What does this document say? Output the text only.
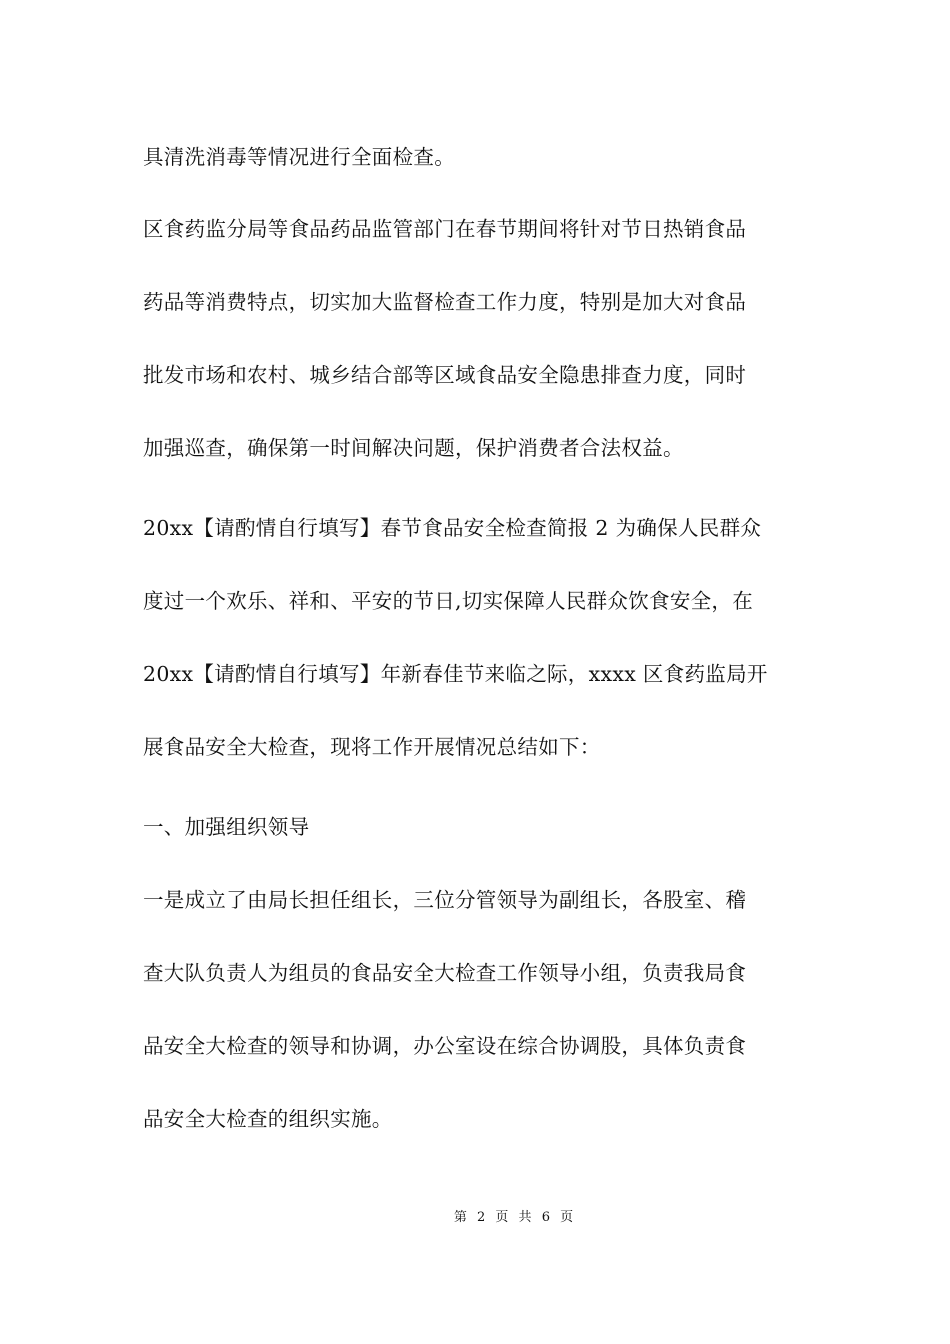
具清洗消毒等情况进行全面检查。
区食药监分局等食品药品监管部门在春节期间将针对节日热销食品
药品等消费特点，切实加大监督检查工作力度，特别是加大对食品
批发市场和农村、城乡结合部等区域食品安全隐患排查力度，同时
加强巡查，确保第一时间解决问题，保护消费者合法权益。
20xx【请酌情自行填写】春节食品安全检查简报 2 为确保人民群众
度过一个欢乐、祥和、平安的节日,切实保障人民群众饮食安全，在
20xx【请酌情自行填写】年新春佳节来临之际，xxxx 区食药监局开
展食品安全大检查，现将工作开展情况总结如下：
一、加强组织领导
一是成立了由局长担任组长，三位分管领导为副组长，各股室、稽
查大队负责人为组员的食品安全大检查工作领导小组，负责我局食
品安全大检查的领导和协调，办公室设在综合协调股，具体负责食
品安全大检查的组织实施。
第 2 页 共 6 页
